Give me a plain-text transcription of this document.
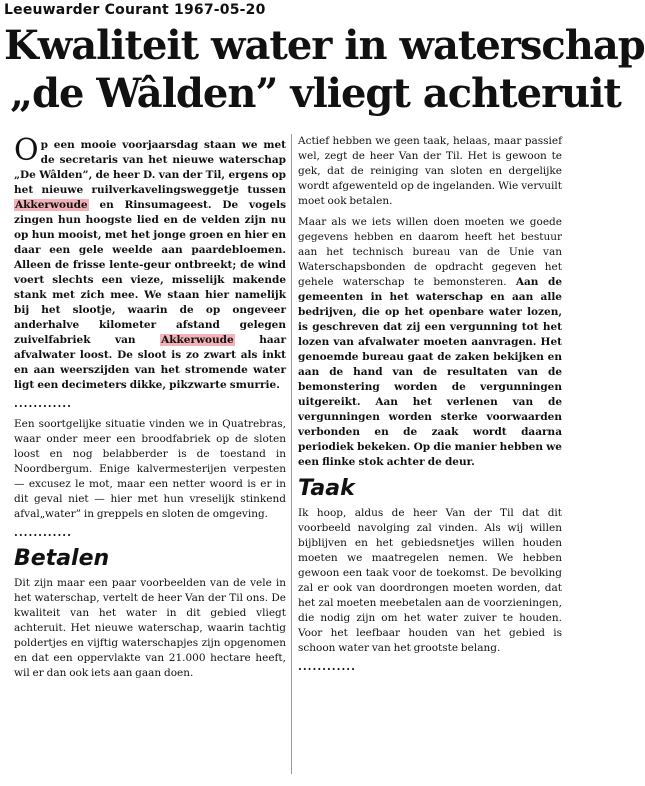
Leeuwarder Courant 1967-05-20
Kwaliteit water in waterschap
„de Wâlden” vliegt achteruit

Op een mooie voorjaarsdag staan we met de secretaris van het nieuwe waterschap „De Wâlden”, de heer D. van der Til, ergens op het nieuwe ruilverkavelingsweggetje tussen Akkerwoude en Rinsumageest. De vogels zingen hun hoogste lied en de velden zijn nu op hun mooist, met het jonge groen en hier en daar een gele weelde aan paardebloemen. Alleen de frisse lente-geur ontbreekt; de wind voert slechts een vieze, misselijk makende stank met zich mee. We staan hier namelijk bij het slootje, waarin de op ongeveer anderhalve kilometer afstand gelegen zuivelfabriek van Akkerwoude haar afvalwater loost. De sloot is zo zwart als inkt en aan weerszijden van het stromende water ligt een decimeters dikke, pikzwarte smurrie.

............

Een soortgelijke situatie vinden we in Quatrebras, waar onder meer een broodfabriek op de sloten loost en nog belabberder is de toestand in Noordbergum. Enige kalvermesterijen verpesten — excusez le mot, maar een netter woord is er in dit geval niet — hier met hun vreselijk stinkend afval„water” in greppels en sloten de omgeving.

............
Betalen

Dit zijn maar een paar voorbeelden van de vele in het waterschap, vertelt de heer Van der Til ons. De kwaliteit van het water in dit gebied vliegt achteruit. Het nieuwe waterschap, waarin tachtig poldertjes en vijftig waterschapjes zijn opgenomen en dat een oppervlakte van 21.000 hectare heeft, wil er dan ook iets aan gaan doen.

Actief hebben we geen taak, helaas, maar passief wel, zegt de heer Van der Til. Het is gewoon te gek, dat de reiniging van sloten en dergelijke wordt afgewenteld op de ingelanden. Wie vervuilt moet ook betalen.

Maar als we iets willen doen moeten we goede gegevens hebben en daarom heeft het bestuur aan het technisch bureau van de Unie van Waterschapsbonden de opdracht gegeven het gehele waterschap te bemonsteren. Aan de gemeenten in het waterschap en aan alle bedrijven, die op het openbare water lozen, is geschreven dat zij een vergunning tot het lozen van afvalwater moeten aanvragen. Het genoemde bureau gaat de zaken bekijken en aan de hand van de resultaten van de bemonstering worden de vergunningen uitgereikt. Aan het verlenen van de vergunningen worden sterke voorwaarden verbonden en de zaak wordt daarna periodiek bekeken. Op die manier hebben we een flinke stok achter de deur.

Taak

Ik hoop, aldus de heer Van der Til dat dit voorbeeld navolging zal vinden. Als wij willen bijblijven en het gebiedsnetjes willen houden moeten we maatregelen nemen. We hebben gewoon een taak voor de toekomst. De bevolking zal er ook van doordrongen moeten worden, dat het zal moeten meebetalen aan de voorzieningen, die nodig zijn om het water zuiver te houden. Voor het leefbaar houden van het gebied is schoon water van het grootste belang.

............
